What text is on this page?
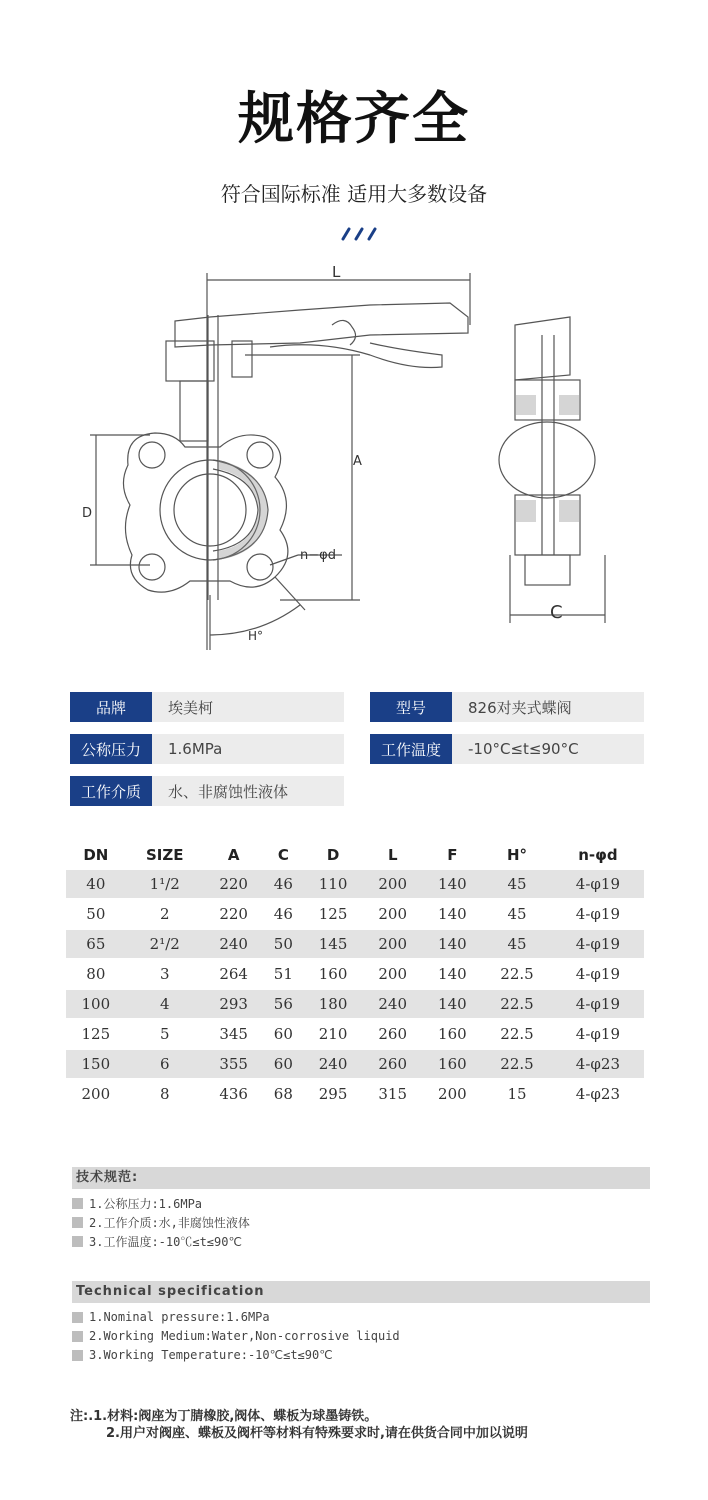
规格齐全
符合国际标准 适用大多数设备
L
A
D
C
H°
n−φd
品牌	埃美柯	型号	826对夹式蝶阀
公称压力	1.6MPa	工作温度	-10°C≤t≤90°C
工作介质	水、非腐蚀性液体
DN	SIZE	A	C	D	L	F	H°	n-φd
40	1¹/2	220	46	110	200	140	45	4-φ19
50	2	220	46	125	200	140	45	4-φ19
65	2¹/2	240	50	145	200	140	45	4-φ19
80	3	264	51	160	200	140	22.5	4-φ19
100	4	293	56	180	240	140	22.5	4-φ19
125	5	345	60	210	260	160	22.5	4-φ19
150	6	355	60	240	260	160	22.5	4-φ23
200	8	436	68	295	315	200	15	4-φ23
技术规范:
1.公称压力:1.6MPa
2.工作介质:水,非腐蚀性液体
3.工作温度:-10℃≤t≤90℃
Technical specification
1.Nominal pressure:1.6MPa
2.Working Medium:Water,Non-corrosive liquid
3.Working Temperature:-10℃≤t≤90℃
注:.1.材料:阀座为丁腈橡胶,阀体、蝶板为球墨铸铁。
2.用户对阀座、蝶板及阀杆等材料有特殊要求时,请在供货合同中加以说明
